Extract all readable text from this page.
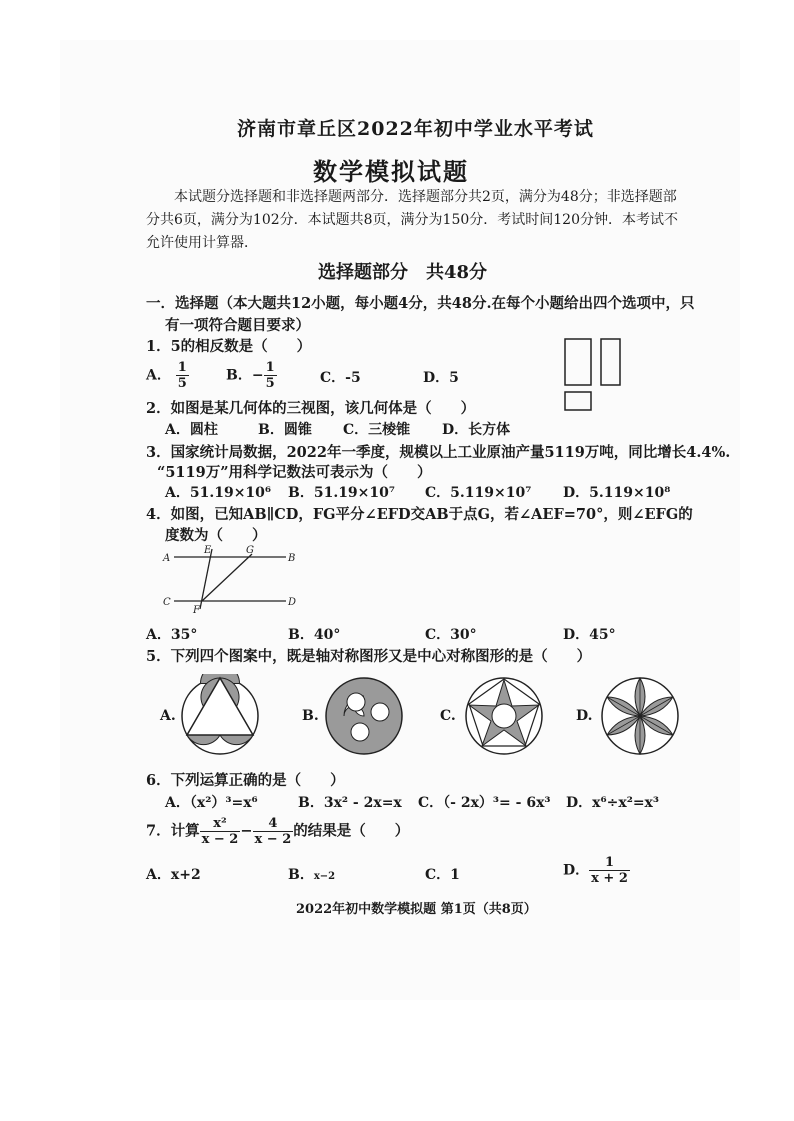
济南市章丘区2022年初中学业水平考试
数学模拟试题
本试题分选择题和非选择题两部分．选择题部分共2页，满分为48分；非选择题部分共6页，满分为102分．本试题共8页，满分为150分．考试时间120分钟．本考试不允许使用计算器．
选择题部分　共48分
一．选择题（本大题共12小题，每小题4分，共48分.在每个小题给出四个选项中，只
有一项符合题目要求）
1．5的相反数是（　　）
A． $\frac{1}{5}$	B．− $\frac{1}{5}$	C．-5	D．5
2．如图是某几何体的三视图，该几何体是（　　）
A．圆柱	B．圆锥 C．三棱锥 D．长方体
3．国家统计局数据，2022年一季度，规模以上工业原油产量5119万吨，同比增长4.4%.
“5119万”用科学记数法可表示为（　　）
A．51.19×10⁶ B．51.19×10⁷ C．5.119×10⁷ D．5.119×10⁸
4．如图，已知AB∥CD，FG平分∠EFD交AB于点G，若∠AEF=70°，则∠EFG的
度数为（　　）
A
E	G
B
C
F
D
A．35°	B．40°	C．30°	D．45°
5．下列四个图案中，既是轴对称图形又是中心对称图形的是（　　）
A.	B.	C.	D.
6．下列运算正确的是（　　）
A．（x²）³=x⁶	B．3x² - 2x=x C．（- 2x）³= - 6x³ D．x⁶÷x²=x³
7．计算 $\frac{\text{x²}}{x - 2} - \frac{4}{x - 2}$ 的结果是（　　）
A．x+2	B．x−2	C．1	D． $\frac{1}{x + 2}$
2022年初中数学模拟题 第1页（共8页）
